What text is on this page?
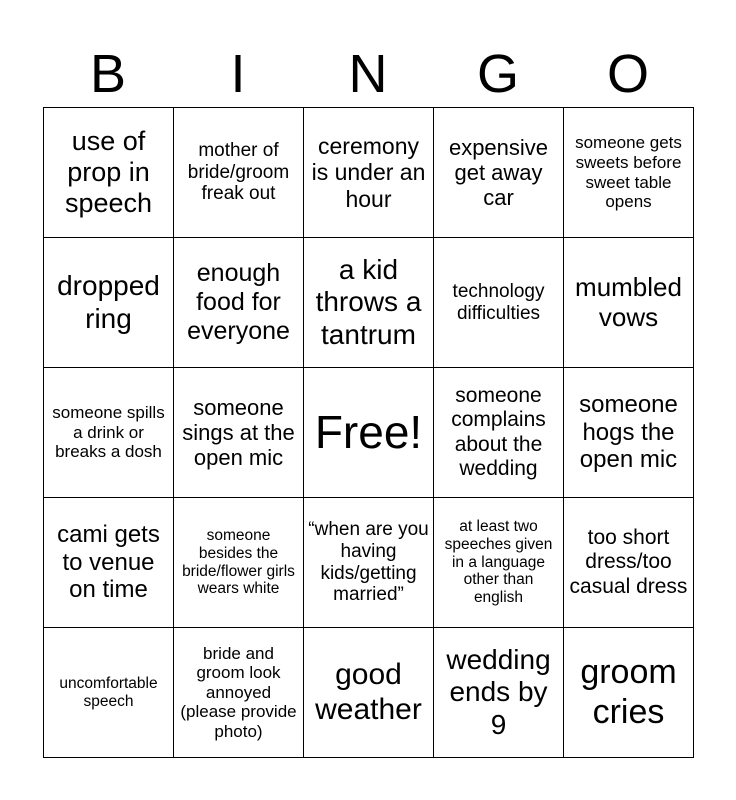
B	I	N	G	O
use of prop in speech	mother of bride/groom freak out	ceremony is under an hour	expensive get away car	someone gets sweets before sweet table opens
dropped ring	enough food for everyone	a kid throws a tantrum	technology difficulties	mumbled vows
someone spills a drink or breaks a dosh	someone sings at the open mic	Free!	someone complains about the wedding	someone hogs the open mic
cami gets to venue on time	someone besides the bride/flower girls wears white	“when are you having kids/getting married”	at least two speeches given in a language other than english	too short dress/too casual dress
uncomfortable speech	bride and groom look annoyed (please provide photo)	good weather	wedding ends by 9	groom cries
